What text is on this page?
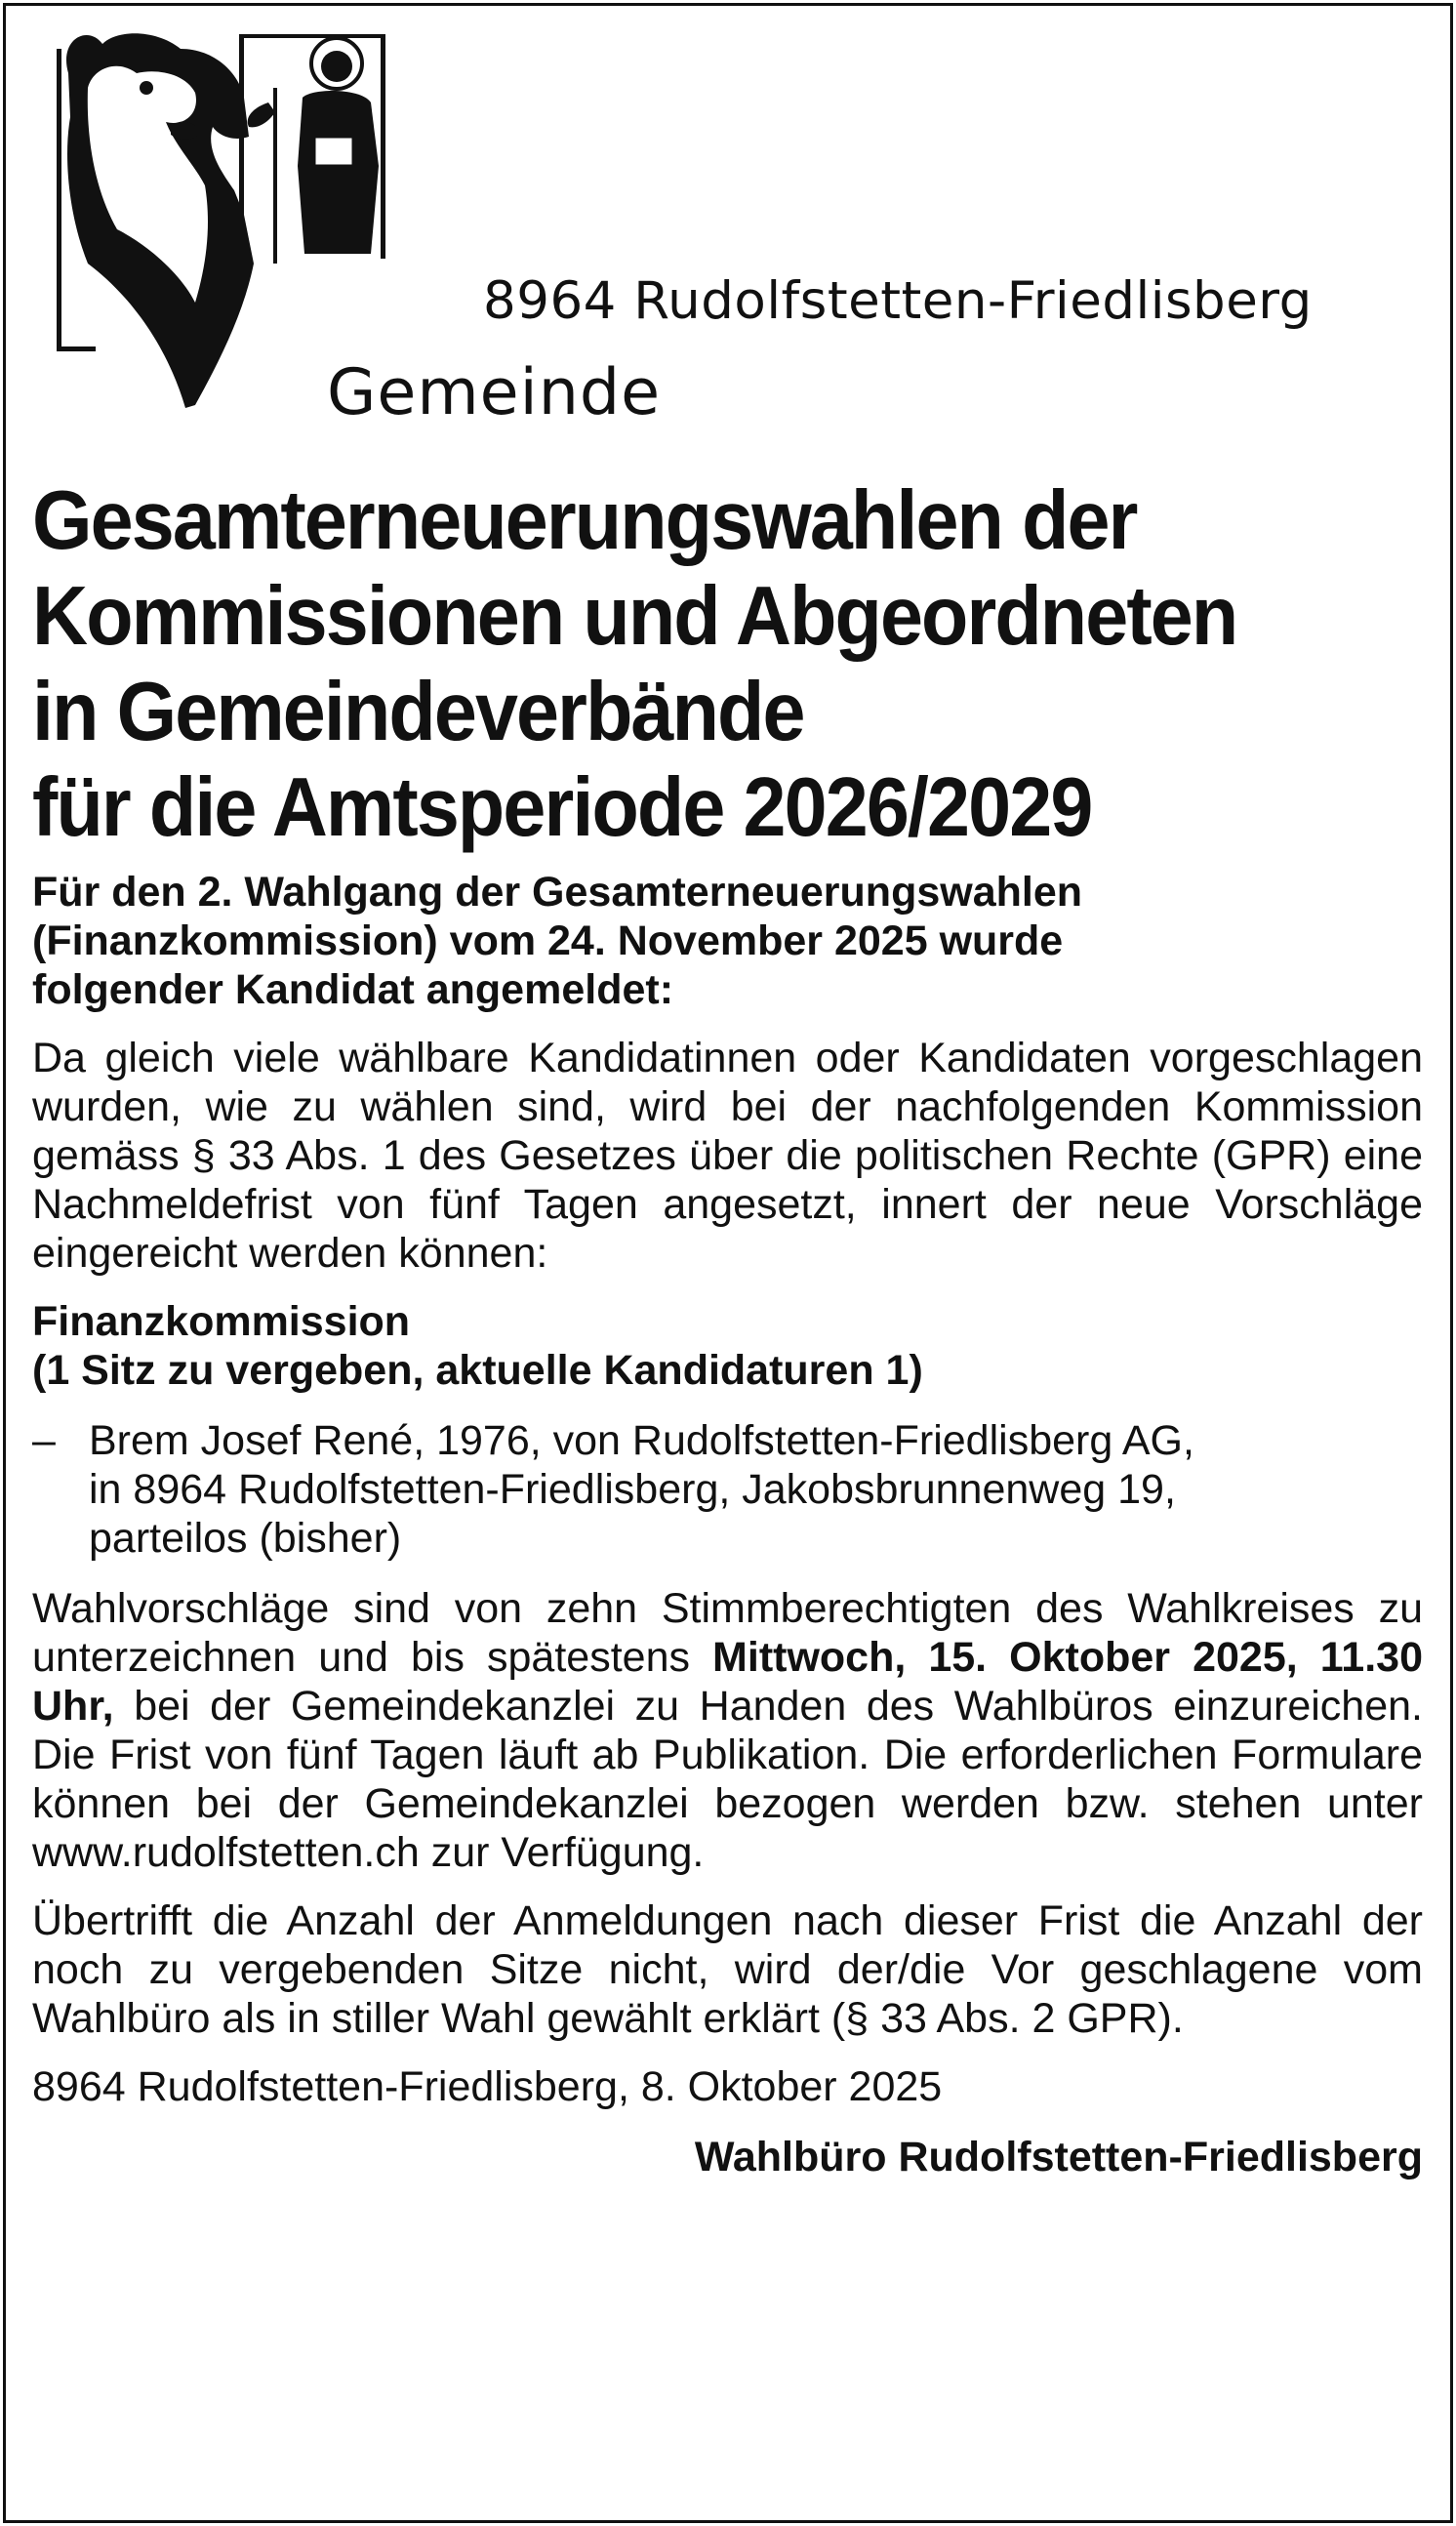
8964 Rudolfstetten-Friedlisberg

Gemeinde

Gesamterneuerungswahlen der
Kommissionen und Abgeordneten
in Gemeindeverbände
für die Amtsperiode 2026/2029

Für den 2. Wahlgang der Gesamterneuerungswahlen
(Finanzkommission) vom 24. November 2025 wurde
folgender Kandidat angemeldet:

Da gleich viele wählbare Kandidatinnen oder Kandidaten vorgeschlagen wurden, wie zu wählen sind, wird bei der nachfolgenden Kommission gemäss § 33 Abs. 1 des Gesetzes über die politischen Rechte (GPR) eine Nachmeldefrist von fünf Tagen angesetzt, innert der neue Vorschläge eingereicht werden können:

Finanzkommission
(1 Sitz zu vergeben, aktuelle Kandidaturen 1)

– Brem Josef René, 1976, von Rudolfstetten-Friedlisberg AG,
in 8964 Rudolfstetten-Friedlisberg, Jakobsbrunnenweg 19,
parteilos (bisher)

Wahlvorschläge sind von zehn Stimmberechtigten des Wahlkreises zu unterzeichnen und bis spätestens Mittwoch, 15. Oktober 2025, 11.30 Uhr, bei der Gemeindekanzlei zu Handen des Wahlbüros einzureichen. Die Frist von fünf Tagen läuft ab Publikation. Die erforderlichen Formulare können bei der Gemeindekanzlei bezogen werden bzw. stehen unter www.rudolfstetten.ch zur Verfügung.

Übertrifft die Anzahl der Anmeldungen nach dieser Frist die Anzahl der noch zu vergebenden Sitze nicht, wird der/die Vor geschlagene vom Wahlbüro als in stiller Wahl gewählt erklärt (§ 33 Abs. 2 GPR).

8964 Rudolfstetten-Friedlisberg, 8. Oktober 2025

Wahlbüro Rudolfstetten-Friedlisberg
